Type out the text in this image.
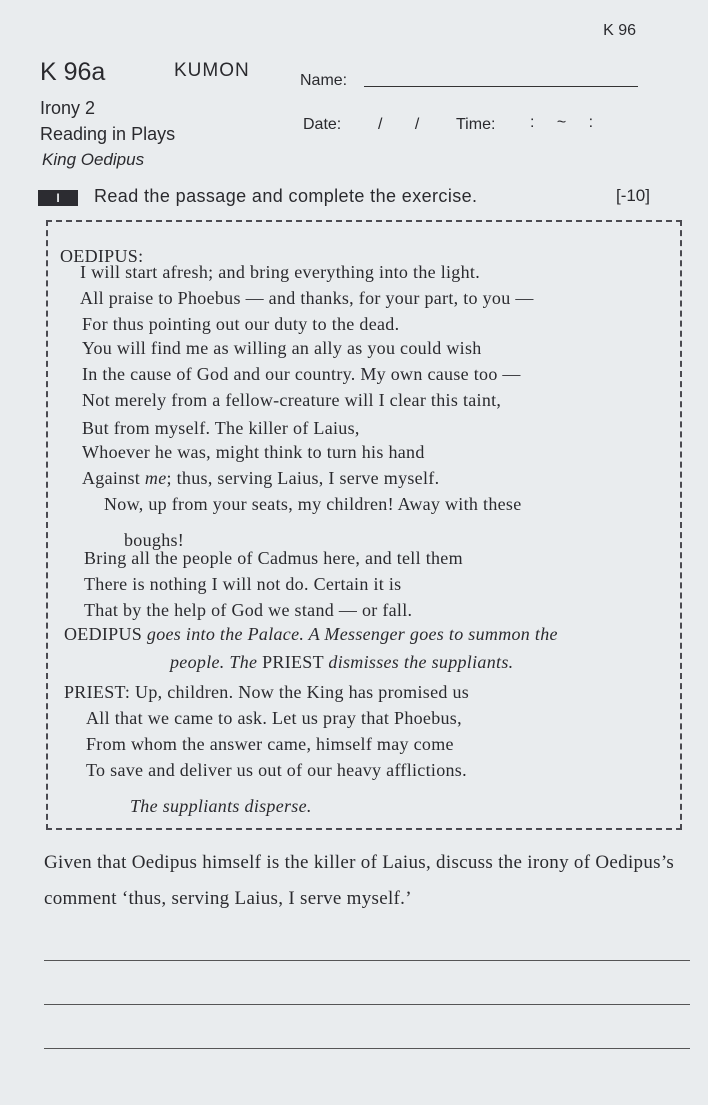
K 96
K 96a	KUMON	Name:
Irony 2
Reading in Plays
King Oedipus
Date: / / Time: : ~ :
I	Read the passage and complete the exercise.	[-10]
OEDIPUS:
I will start afresh; and bring everything into the light.
All praise to Phoebus — and thanks, for your part, to you —
For thus pointing out our duty to the dead.
You will find me as willing an ally as you could wish
In the cause of God and our country. My own cause too —
Not merely from a fellow-creature will I clear this taint,
But from myself. The killer of Laius,
Whoever he was, might think to turn his hand
Against me; thus, serving Laius, I serve myself.
Now, up from your seats, my children! Away with these
boughs!
Bring all the people of Cadmus here, and tell them
There is nothing I will not do. Certain it is
That by the help of God we stand — or fall.
OEDIPUS goes into the Palace. A Messenger goes to summon the
people. The PRIEST dismisses the suppliants.
PRIEST: Up, children. Now the King has promised us
All that we came to ask. Let us pray that Phoebus,
From whom the answer came, himself may come
To save and deliver us out of our heavy afflictions.
The suppliants disperse.
Given that Oedipus himself is the killer of Laius, discuss the irony of Oedipus’s comment ‘thus, serving Laius, I serve myself.’
